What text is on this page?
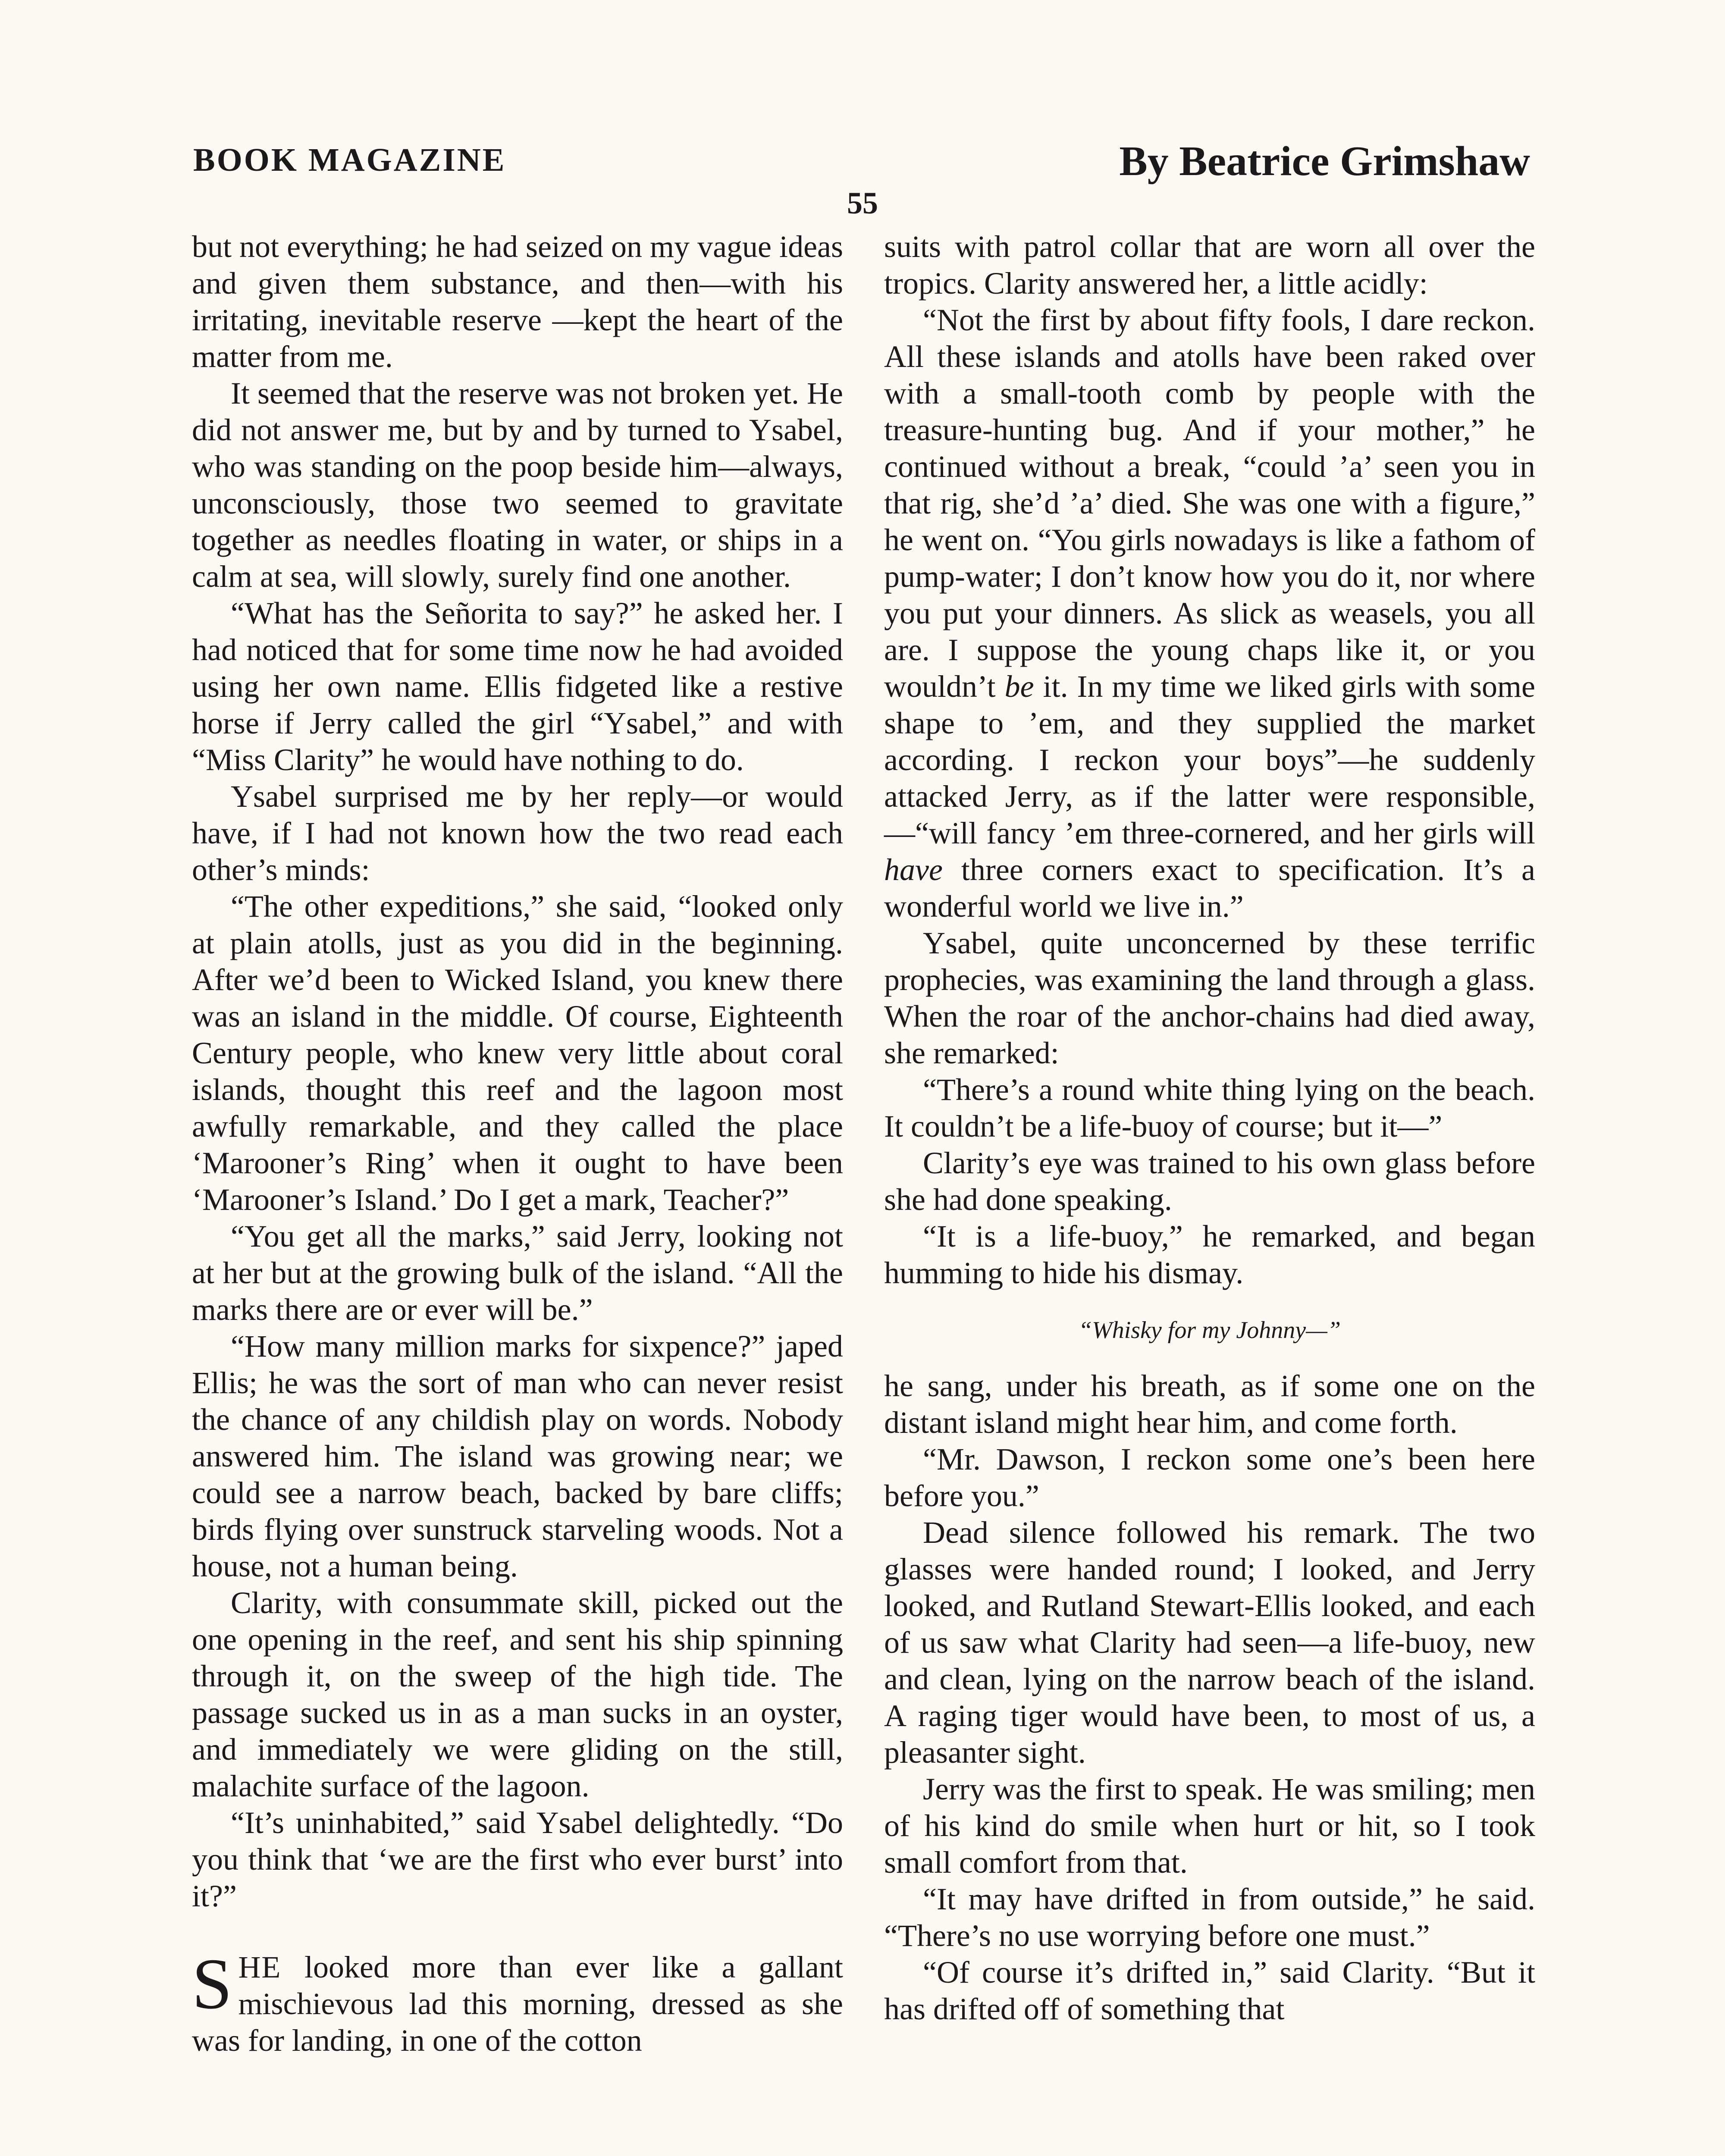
BOOK MAGAZINE	By Beatrice Grimshaw
55

but not everything; he had seized on my vague ideas and given them substance, and then—with his irritating, inevitable reserve —kept the heart of the matter from me.

It seemed that the reserve was not broken yet. He did not answer me, but by and by turned to Ysabel, who was standing on the poop beside him—always, unconsciously, those two seemed to gravitate together as needles floating in water, or ships in a calm at sea, will slowly, surely find one another.

“What has the Señorita to say?” he asked her. I had noticed that for some time now he had avoided using her own name. Ellis fidgeted like a restive horse if Jerry called the girl “Ysabel,” and with “Miss Clarity” he would have nothing to do.

Ysabel surprised me by her reply—or would have, if I had not known how the two read each other’s minds:

“The other expeditions,” she said, “looked only at plain atolls, just as you did in the beginning. After we’d been to Wicked Island, you knew there was an island in the middle. Of course, Eighteenth Century people, who knew very little about coral islands, thought this reef and the lagoon most awfully remarkable, and they called the place ‘Marooner’s Ring’ when it ought to have been ‘Marooner’s Island.’ Do I get a mark, Teacher?”

“You get all the marks,” said Jerry, looking not at her but at the growing bulk of the island. “All the marks there are or ever will be.”

“How many million marks for sixpence?” japed Ellis; he was the sort of man who can never resist the chance of any childish play on words. Nobody answered him. The island was growing near; we could see a narrow beach, backed by bare cliffs; birds flying over sunstruck starveling woods. Not a house, not a human being.

Clarity, with consummate skill, picked out the one opening in the reef, and sent his ship spinning through it, on the sweep of the high tide. The passage sucked us in as a man sucks in an oyster, and immediately we were gliding on the still, malachite surface of the lagoon.

“It’s uninhabited,” said Ysabel delightedly. “Do you think that ‘we are the first who ever burst’ into it?”

SHE looked more than ever like a gallant mischievous lad this morning, dressed as she was for landing, in one of the cotton

suits with patrol collar that are worn all over the tropics. Clarity answered her, a little acidly:

“Not the first by about fifty fools, I dare reckon. All these islands and atolls have been raked over with a small-tooth comb by people with the treasure-hunting bug. And if your mother,” he continued without a break, “could ’a’ seen you in that rig, she’d ’a’ died. She was one with a figure,” he went on. “You girls nowadays is like a fathom of pump-water; I don’t know how you do it, nor where you put your dinners. As slick as weasels, you all are. I suppose the young chaps like it, or you wouldn’t be it. In my time we liked girls with some shape to ’em, and they supplied the market according. I reckon your boys”—he suddenly attacked Jerry, as if the latter were responsible,—“will fancy ’em three-cornered, and her girls will have three corners exact to specification. It’s a wonderful world we live in.”

Ysabel, quite unconcerned by these terrific prophecies, was examining the land through a glass. When the roar of the anchor-chains had died away, she remarked:

“There’s a round white thing lying on the beach. It couldn’t be a life-buoy of course; but it—”

Clarity’s eye was trained to his own glass before she had done speaking.

“It is a life-buoy,” he remarked, and began humming to hide his dismay.

“Whisky for my Johnny—”

he sang, under his breath, as if some one on the distant island might hear him, and come forth.

“Mr. Dawson, I reckon some one’s been here before you.”

Dead silence followed his remark. The two glasses were handed round; I looked, and Jerry looked, and Rutland Stewart-Ellis looked, and each of us saw what Clarity had seen—a life-buoy, new and clean, lying on the narrow beach of the island. A raging tiger would have been, to most of us, a pleasanter sight.

Jerry was the first to speak. He was smiling; men of his kind do smile when hurt or hit, so I took small comfort from that.

“It may have drifted in from outside,” he said. “There’s no use worrying before one must.”

“Of course it’s drifted in,” said Clarity. “But it has drifted off of something that
